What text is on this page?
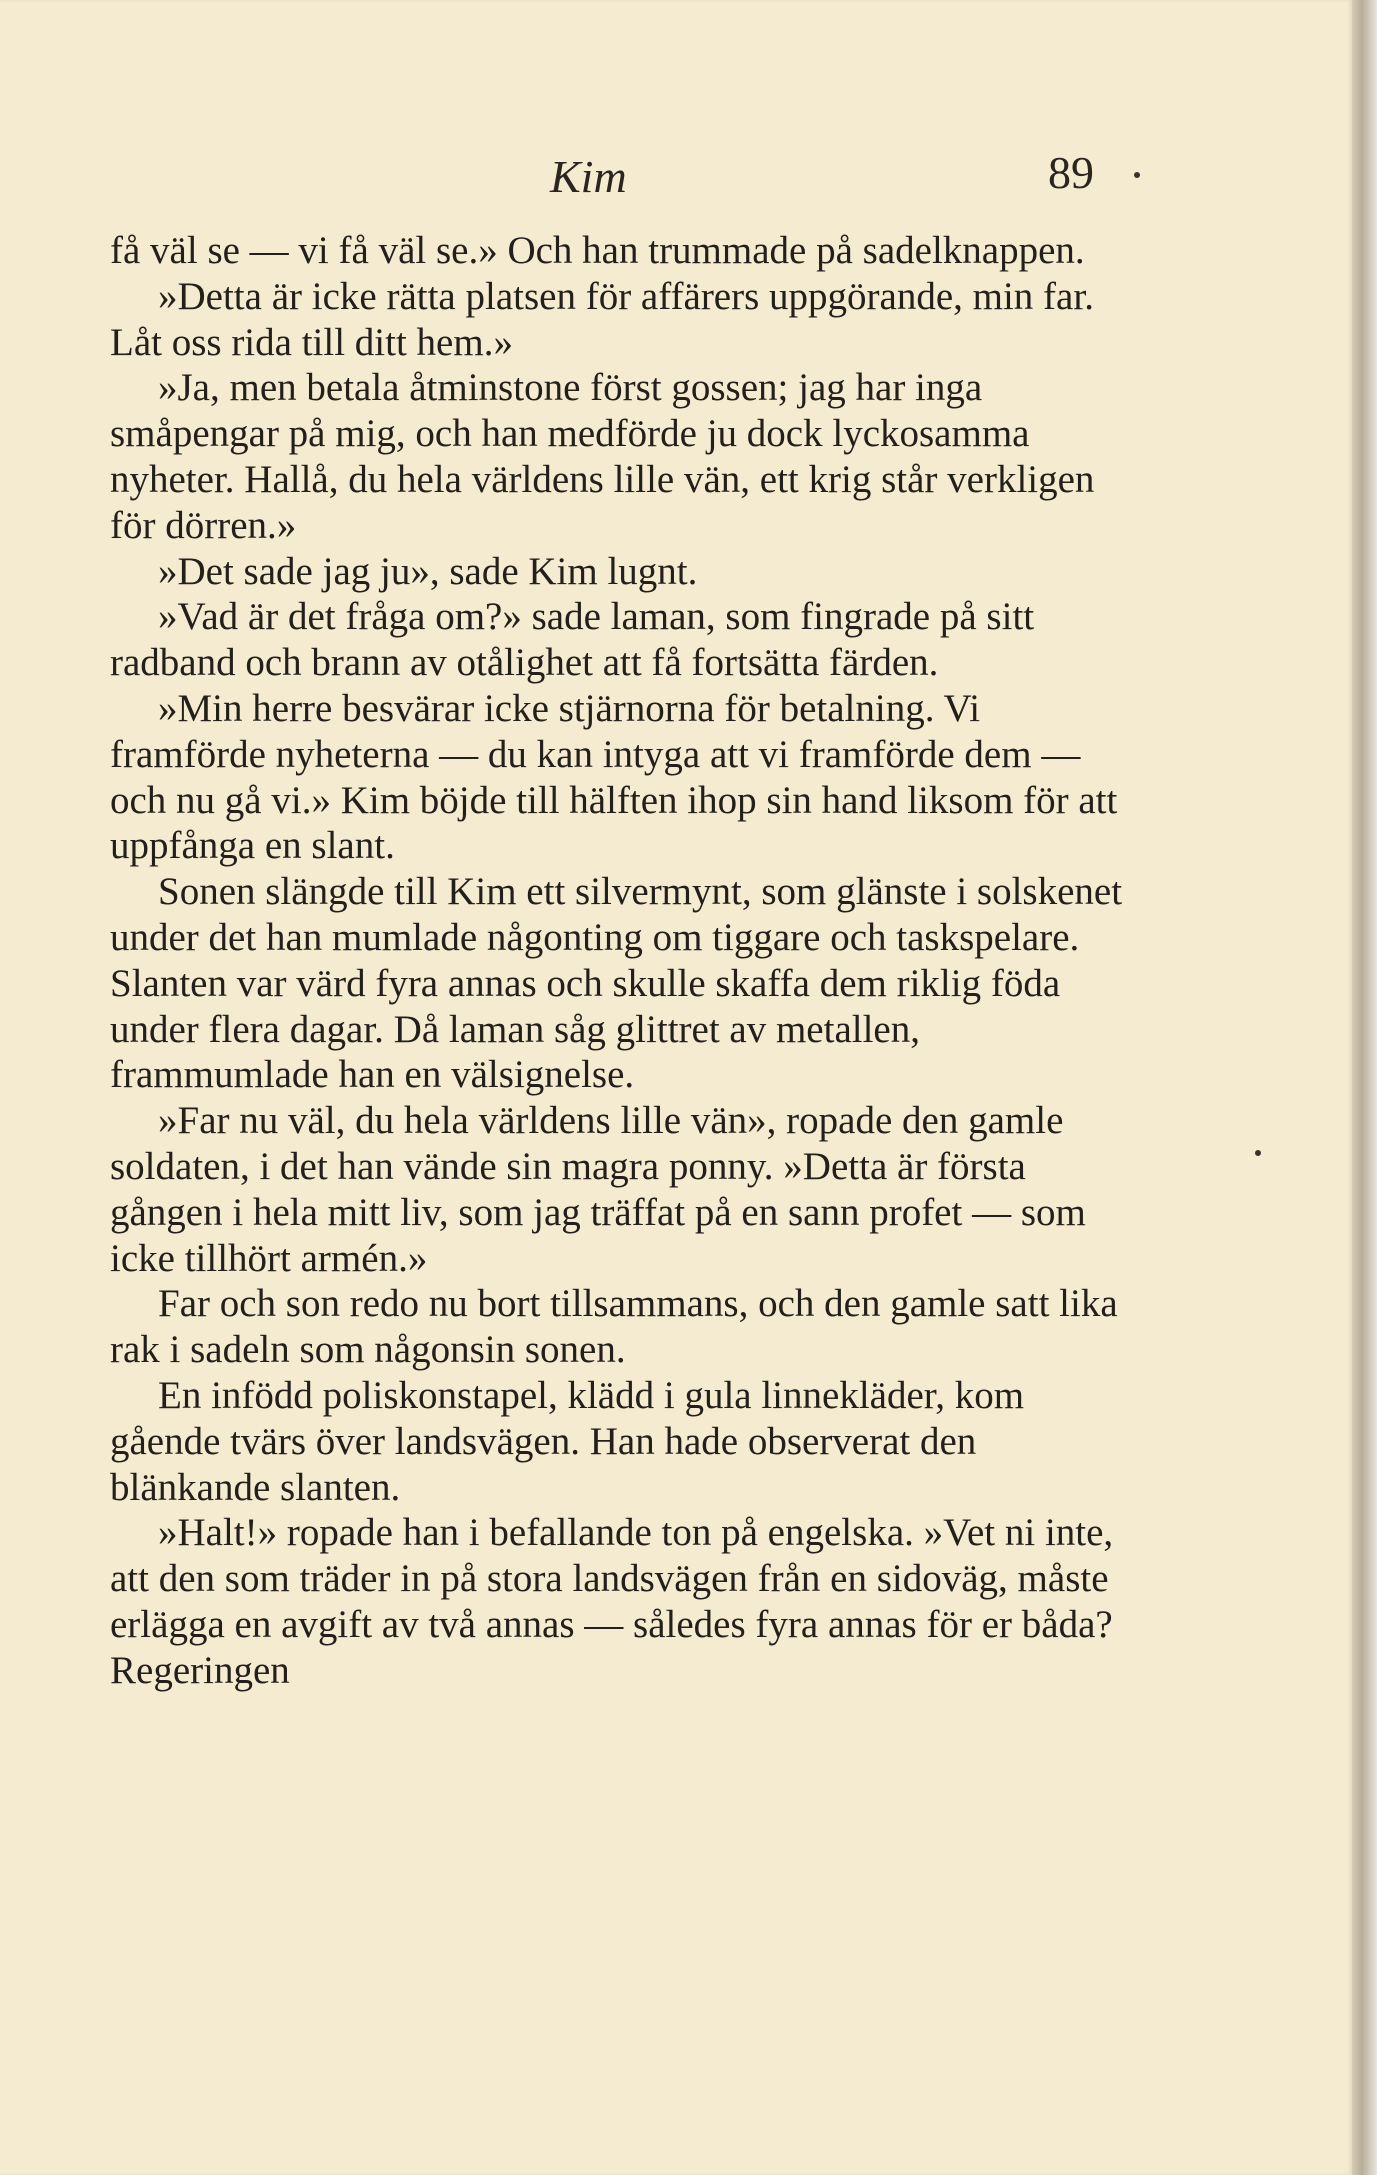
Kim	89

få väl se — vi få väl se.» Och han trummade på sadelknappen.

»Detta är icke rätta platsen för affärers uppgörande, min far. Låt oss rida till ditt hem.»

»Ja, men betala åtminstone först gossen; jag har inga småpengar på mig, och han medförde ju dock lyckosamma nyheter. Hallå, du hela världens lille vän, ett krig står verkligen för dörren.»

»Det sade jag ju», sade Kim lugnt.

»Vad är det fråga om?» sade laman, som fingrade på sitt radband och brann av otålighet att få fortsätta färden.

»Min herre besvärar icke stjärnorna för betalning. Vi framförde nyheterna — du kan intyga att vi framförde dem — och nu gå vi.» Kim böjde till hälften ihop sin hand liksom för att uppfånga en slant.

Sonen slängde till Kim ett silvermynt, som glänste i solskenet under det han mumlade någonting om tiggare och taskspelare. Slanten var värd fyra annas och skulle skaffa dem riklig föda under flera dagar. Då laman såg glittret av metallen, frammumlade han en välsignelse.

»Far nu väl, du hela världens lille vän», ropade den gamle soldaten, i det han vände sin magra ponny. »Detta är första gången i hela mitt liv, som jag träffat på en sann profet — som icke tillhört armén.»

Far och son redo nu bort tillsammans, och den gamle satt lika rak i sadeln som någonsin sonen.

En infödd poliskonstapel, klädd i gula linnekläder, kom gående tvärs över landsvägen. Han hade observerat den blänkande slanten.

»Halt!» ropade han i befallande ton på engelska. »Vet ni inte, att den som träder in på stora landsvägen från en sidoväg, måste erlägga en avgift av två annas — således fyra annas för er båda? Regeringen
